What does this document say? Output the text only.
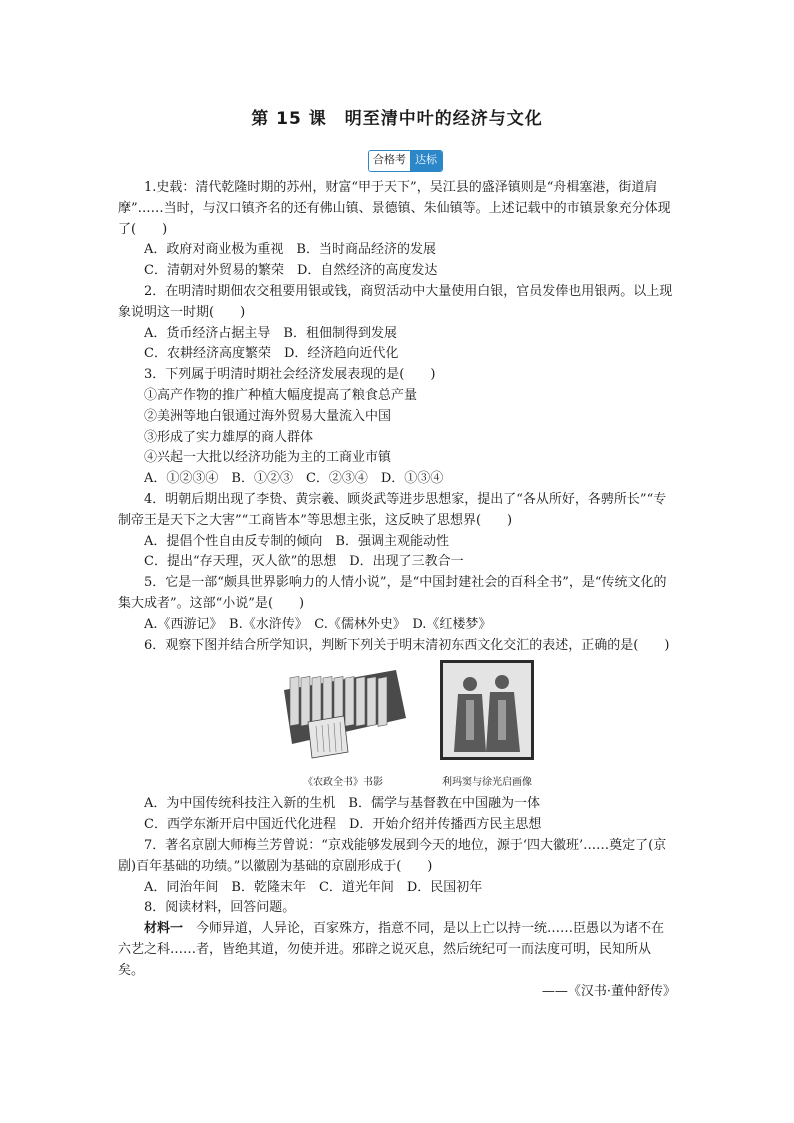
第 15 课　明至清中叶的经济与文化
合格考 达标

1.史载：清代乾隆时期的苏州，财富“甲于天下”，吴江县的盛泽镇则是“舟楫塞港，街道肩摩”……当时，与汉口镇齐名的还有佛山镇、景德镇、朱仙镇等。上述记载中的市镇景象充分体现了(　　)

A．政府对商业极为重视　B．当时商品经济的发展

C．清朝对外贸易的繁荣　D．自然经济的高度发达

2．在明清时期佃农交租要用银或钱，商贸活动中大量使用白银，官员发俸也用银两。以上现象说明这一时期(　　)

A．货币经济占据主导　B．租佃制得到发展

C．农耕经济高度繁荣　D．经济趋向近代化

3．下列属于明清时期社会经济发展表现的是(　　)

①高产作物的推广种植大幅度提高了粮食总产量

②美洲等地白银通过海外贸易大量流入中国

③形成了实力雄厚的商人群体

④兴起一大批以经济功能为主的工商业市镇

A．①②③④　B．①②③　C．②③④　D．①③④

4．明朝后期出现了李贽、黄宗羲、顾炎武等进步思想家，提出了“各从所好，各骋所长”“专制帝王是天下之大害”“工商皆本”等思想主张，这反映了思想界(　　)

A．提倡个性自由反专制的倾向　B．强调主观能动性

C．提出“存天理，灭人欲”的思想　D．出现了三教合一

5．它是一部“颇具世界影响力的人情小说”，是“中国封建社会的百科全书”，是“传统文化的集大成者”。这部“小说”是(　　)

A.《西游记》　B.《水浒传》　C.《儒林外史》　D.《红楼梦》

6．观察下图并结合所学知识，判断下列关于明末清初东西文化交汇的表述，正确的是(　　)

《农政全书》书影	利玛窦与徐光启画像

A．为中国传统科技注入新的生机　B．儒学与基督教在中国融为一体

C．西学东渐开启中国近代化进程　D．开始介绍并传播西方民主思想

7．著名京剧大师梅兰芳曾说：“京戏能够发展到今天的地位，源于‘四大徽班’……奠定了(京剧)百年基础的功绩。”以徽剧为基础的京剧形成于(　　)

A．同治年间　B．乾隆末年　C．道光年间　D．民国初年

8．阅读材料，回答问题。

材料一　今师异道，人异论，百家殊方，指意不同，是以上亡以持一统……臣愚以为诸不在六艺之科……者，皆绝其道，勿使并进。邪辟之说灭息，然后统纪可一而法度可明，民知所从矣。

——《汉书·董仲舒传》
